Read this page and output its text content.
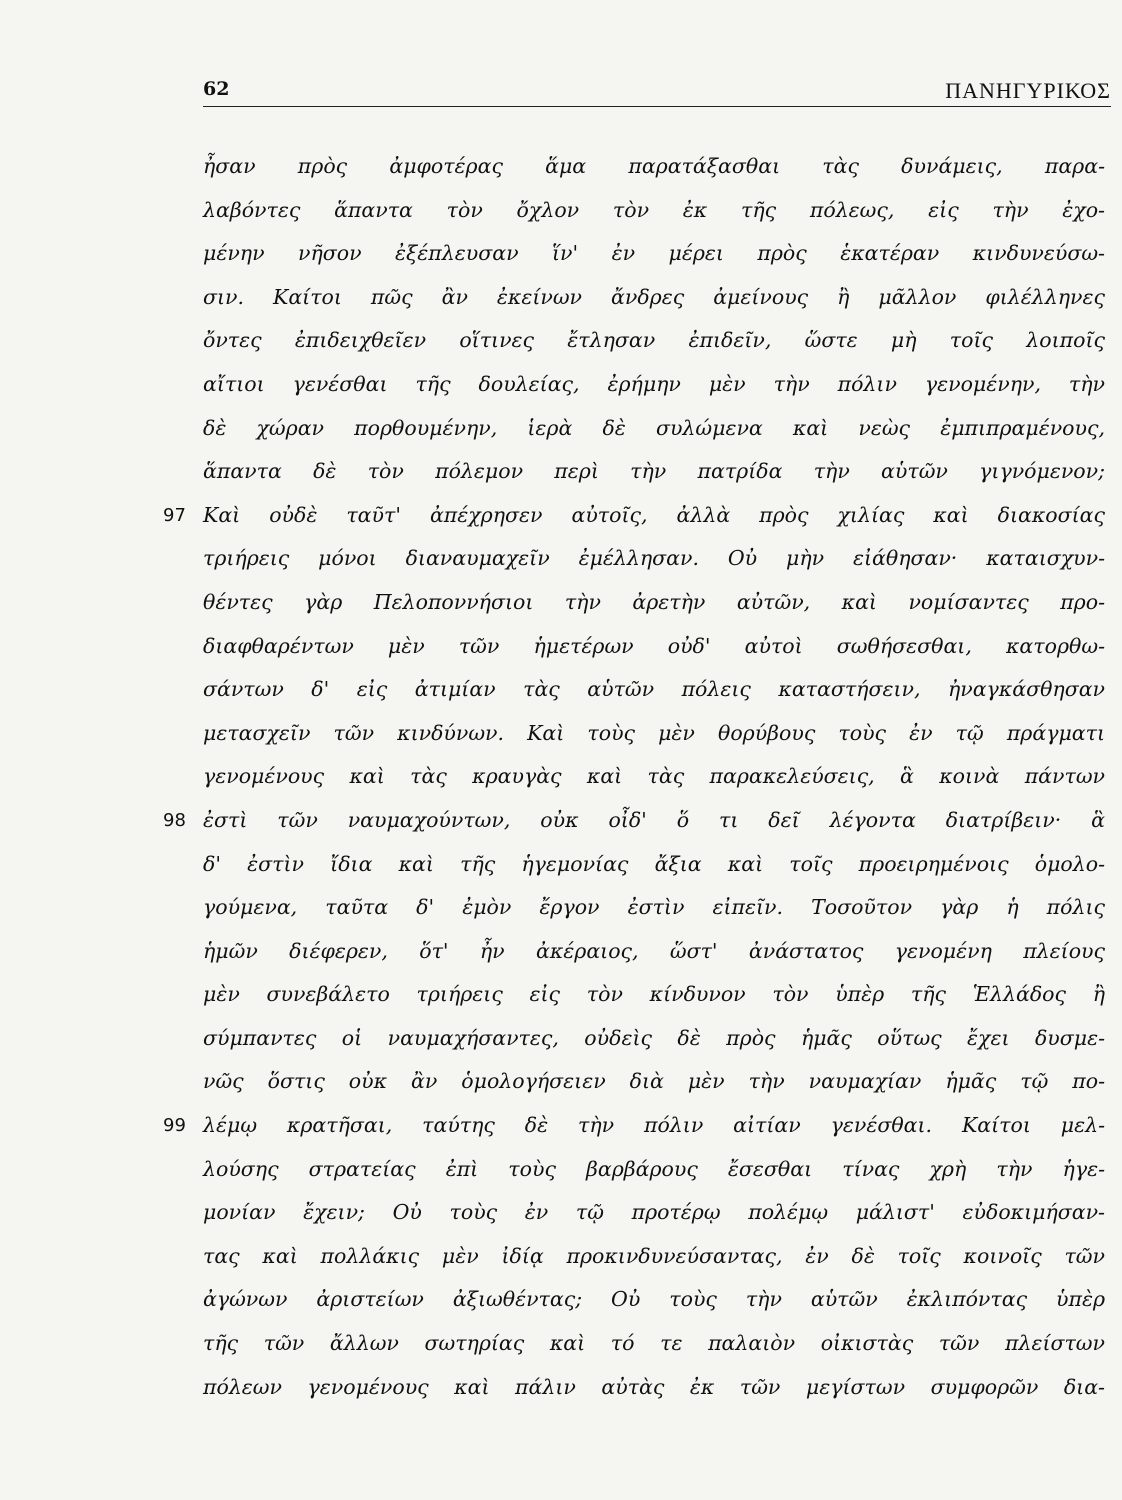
62	ΠΑΝΗΓΥΡΙΚΟΣ
ἦσαν πρὸς ἀμφοτέρας ἅμα παρατάξασθαι τὰς δυνάμεις, παρα-
λαβόντες ἅπαντα τὸν ὄχλον τὸν ἐκ τῆς πόλεως, εἰς τὴν ἐχο-
μένην νῆσον ἐξέπλευσαν ἵν' ἐν μέρει πρὸς ἑκατέραν κινδυνεύσω-
σιν. Καίτοι πῶς ἂν ἐκείνων ἄνδρες ἀμείνους ἢ μᾶλλον φιλέλληνες
ὄντες ἐπιδειχθεῖεν οἵτινες ἔτλησαν ἐπιδεῖν, ὥστε μὴ τοῖς λοιποῖς
αἴτιοι γενέσθαι τῆς δουλείας, ἐρήμην μὲν τὴν πόλιν γενομένην, τὴν
δὲ χώραν πορθουμένην, ἱερὰ δὲ συλώμενα καὶ νεὼς ἐμπιπραμένους,
ἅπαντα δὲ τὸν πόλεμον περὶ τὴν πατρίδα τὴν αὑτῶν γιγνόμενον;
97 Καὶ οὐδὲ ταῦτ' ἀπέχρησεν αὐτοῖς, ἀλλὰ πρὸς χιλίας καὶ διακοσίας
τριήρεις μόνοι διαναυμαχεῖν ἐμέλλησαν. Οὐ μὴν εἰάθησαν· καταισχυν-
θέντες γὰρ Πελοποννήσιοι τὴν ἀρετὴν αὐτῶν, καὶ νομίσαντες προ-
διαφθαρέντων μὲν τῶν ἡμετέρων οὐδ' αὐτοὶ σωθήσεσθαι, κατορθω-
σάντων δ' εἰς ἀτιμίαν τὰς αὑτῶν πόλεις καταστήσειν, ἠναγκάσθησαν
μετασχεῖν τῶν κινδύνων. Καὶ τοὺς μὲν θορύβους τοὺς ἐν τῷ πράγματι
γενομένους καὶ τὰς κραυγὰς καὶ τὰς παρακελεύσεις, ἃ κοινὰ πάντων
98 ἐστὶ τῶν ναυμαχούντων, οὐκ οἶδ' ὅ τι δεῖ λέγοντα διατρίβειν· ἃ
δ' ἐστὶν ἴδια καὶ τῆς ἡγεμονίας ἄξια καὶ τοῖς προειρημένοις ὁμολο-
γούμενα, ταῦτα δ' ἐμὸν ἔργον ἐστὶν εἰπεῖν. Τοσοῦτον γὰρ ἡ πόλις
ἡμῶν διέφερεν, ὅτ' ἦν ἀκέραιος, ὥστ' ἀνάστατος γενομένη πλείους
μὲν συνεβάλετο τριήρεις εἰς τὸν κίνδυνον τὸν ὑπὲρ τῆς Ἑλλάδος ἢ
σύμπαντες οἱ ναυμαχήσαντες, οὐδεὶς δὲ πρὸς ἡμᾶς οὕτως ἔχει δυσμε-
νῶς ὅστις οὐκ ἂν ὁμολογήσειεν διὰ μὲν τὴν ναυμαχίαν ἡμᾶς τῷ πο-
99 λέμῳ κρατῆσαι, ταύτης δὲ τὴν πόλιν αἰτίαν γενέσθαι. Καίτοι μελ-
λούσης στρατείας ἐπὶ τοὺς βαρβάρους ἔσεσθαι τίνας χρὴ τὴν ἡγε-
μονίαν ἔχειν; Οὐ τοὺς ἐν τῷ προτέρῳ πολέμῳ μάλιστ' εὐδοκιμήσαν-
τας καὶ πολλάκις μὲν ἰδίᾳ προκινδυνεύσαντας, ἐν δὲ τοῖς κοινοῖς τῶν
ἀγώνων ἀριστείων ἀξιωθέντας; Οὐ τοὺς τὴν αὑτῶν ἐκλιπόντας ὑπὲρ
τῆς τῶν ἄλλων σωτηρίας καὶ τό τε παλαιὸν οἰκιστὰς τῶν πλείστων
πόλεων γενομένους καὶ πάλιν αὐτὰς ἐκ τῶν μεγίστων συμφορῶν δια-
